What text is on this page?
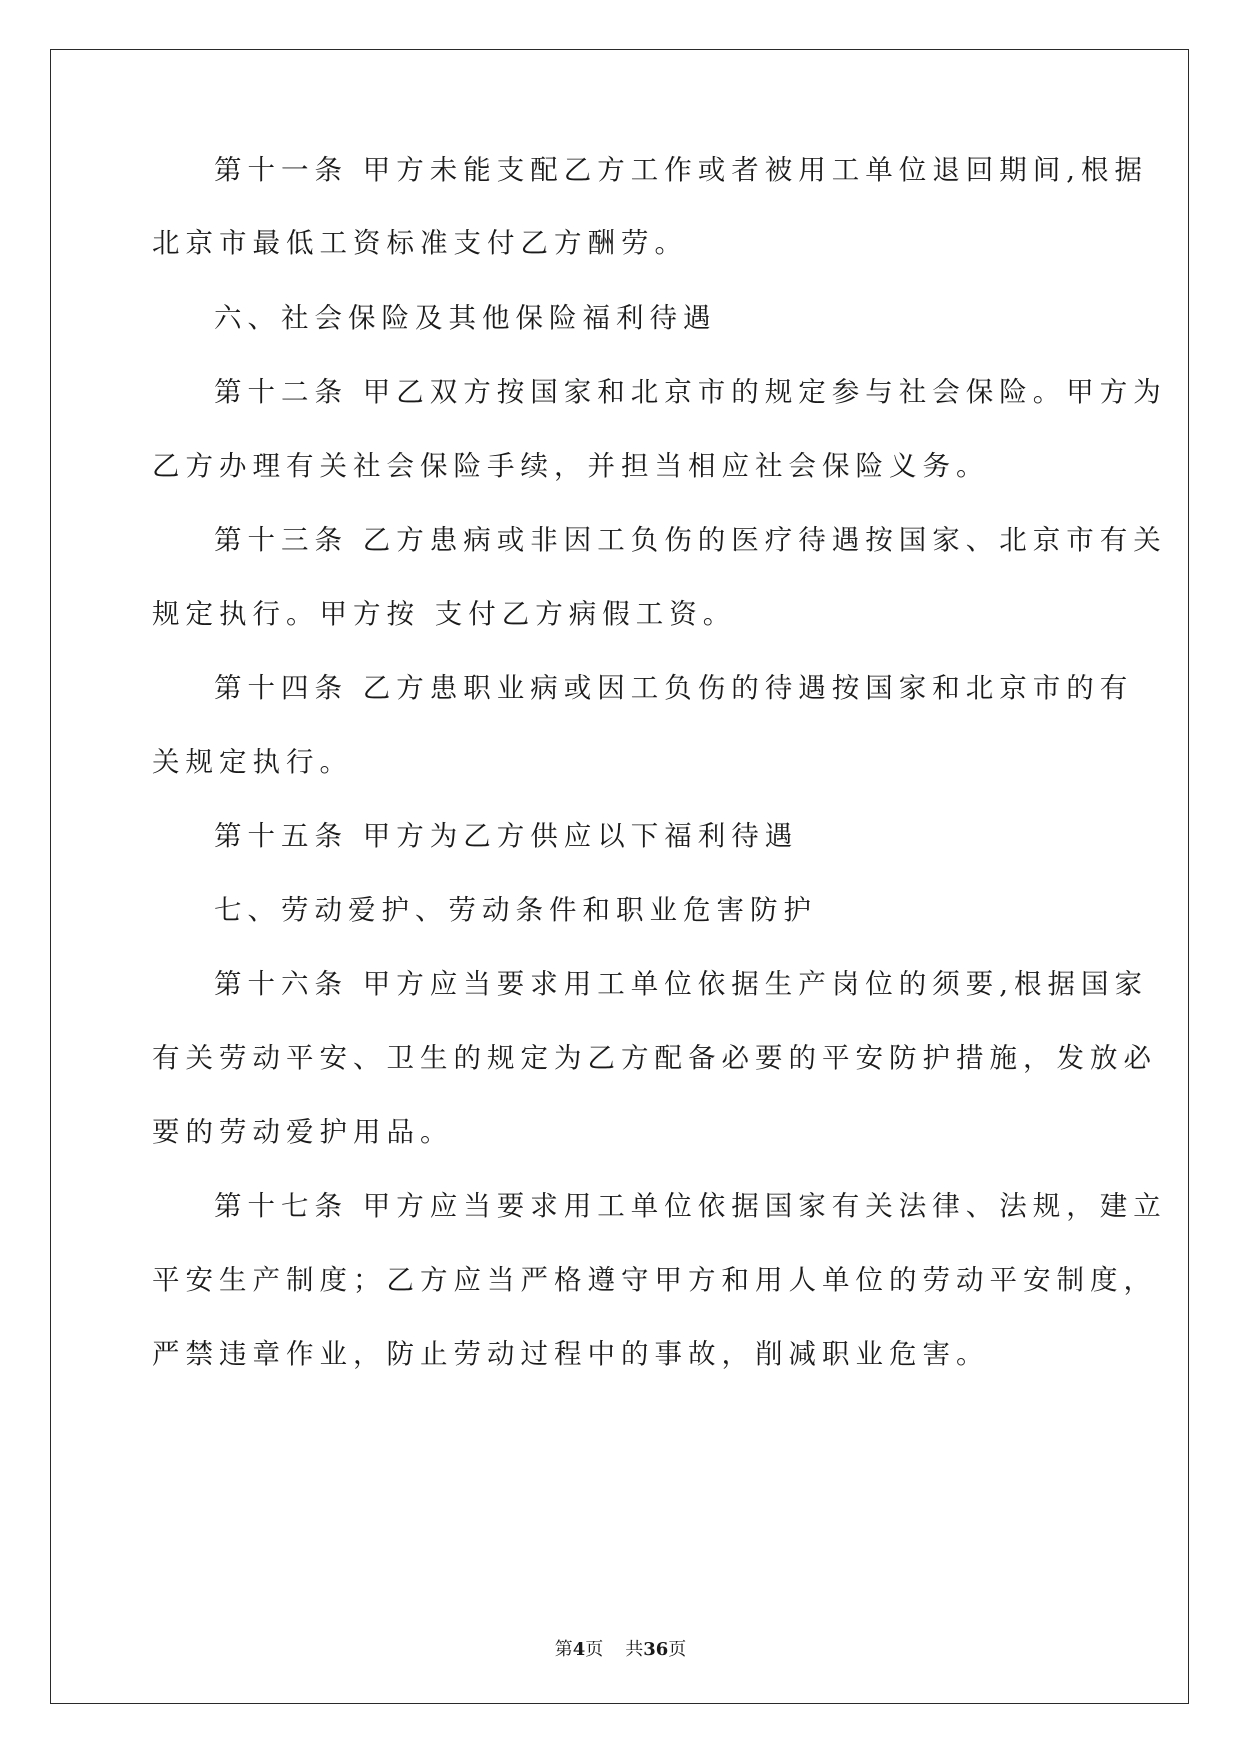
第十一条 甲方未能支配乙方工作或者被用工单位退回期间,根据
北京市最低工资标准支付乙方酬劳。
六、社会保险及其他保险福利待遇
第十二条 甲乙双方按国家和北京市的规定参与社会保险。甲方为
乙方办理有关社会保险手续，并担当相应社会保险义务。
第十三条 乙方患病或非因工负伤的医疗待遇按国家、北京市有关
规定执行。甲方按 支付乙方病假工资。
第十四条 乙方患职业病或因工负伤的待遇按国家和北京市的有
关规定执行。
第十五条 甲方为乙方供应以下福利待遇
七、劳动爱护、劳动条件和职业危害防护
第十六条 甲方应当要求用工单位依据生产岗位的须要,根据国家
有关劳动平安、卫生的规定为乙方配备必要的平安防护措施，发放必
要的劳动爱护用品。
第十七条 甲方应当要求用工单位依据国家有关法律、法规，建立
平安生产制度；乙方应当严格遵守甲方和用人单位的劳动平安制度，
严禁违章作业，防止劳动过程中的事故，削减职业危害。
第4页 共36页
